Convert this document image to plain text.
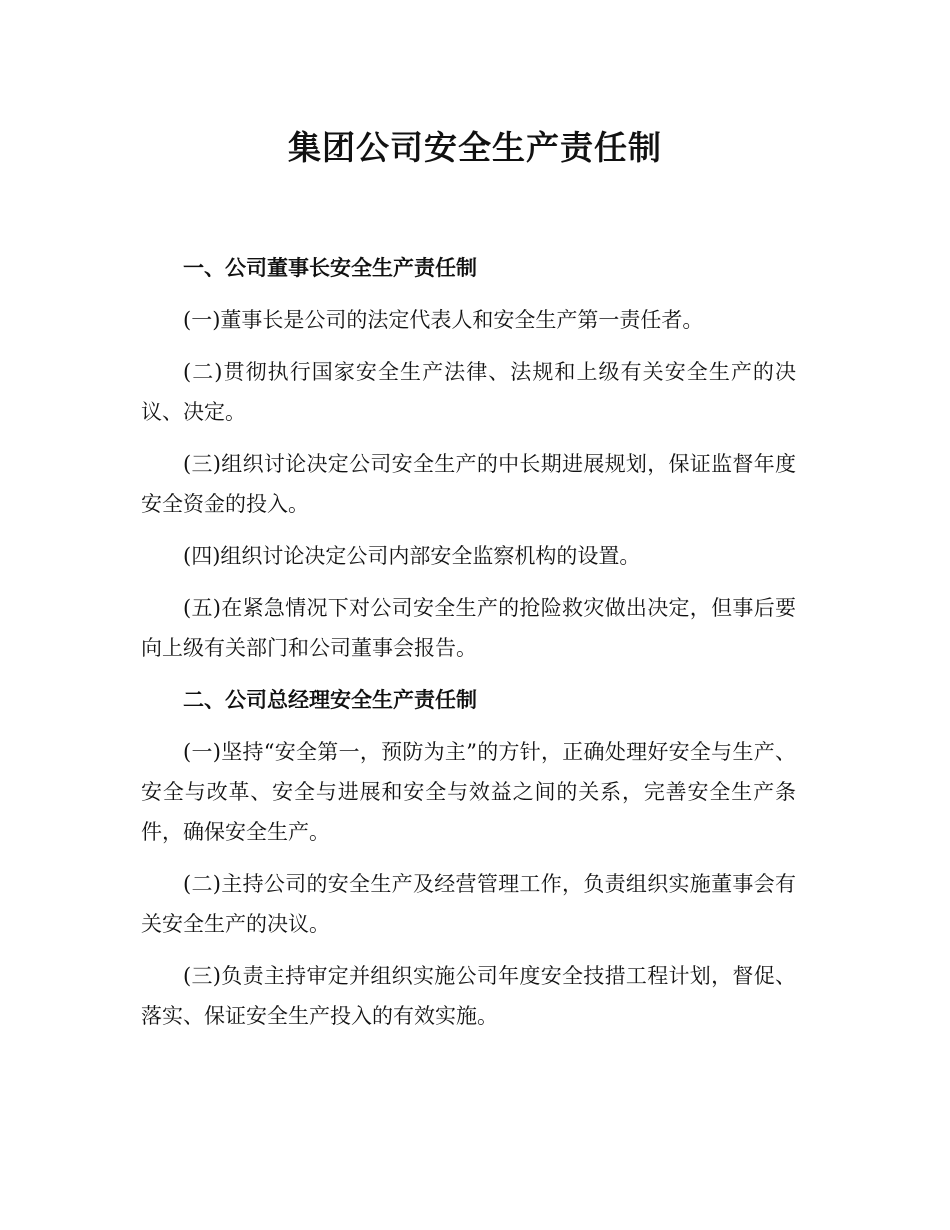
集团公司安全生产责任制
一、公司董事长安全生产责任制

(一)董事长是公司的法定代表人和安全生产第一责任者。

(二)贯彻执行国家安全生产法律、法规和上级有关安全生产的决议、决定。

(三)组织讨论决定公司安全生产的中长期进展规划，保证监督年度安全资金的投入。

(四)组织讨论决定公司内部安全监察机构的设置。

(五)在紧急情况下对公司安全生产的抢险救灾做出决定，但事后要向上级有关部门和公司董事会报告。

二、公司总经理安全生产责任制

(一)坚持“安全第一，预防为主”的方针，正确处理好安全与生产、安全与改革、安全与进展和安全与效益之间的关系，完善安全生产条件，确保安全生产。

(二)主持公司的安全生产及经营管理工作，负责组织实施董事会有关安全生产的决议。

(三)负责主持审定并组织实施公司年度安全技措工程计划，督促、落实、保证安全生产投入的有效实施。
